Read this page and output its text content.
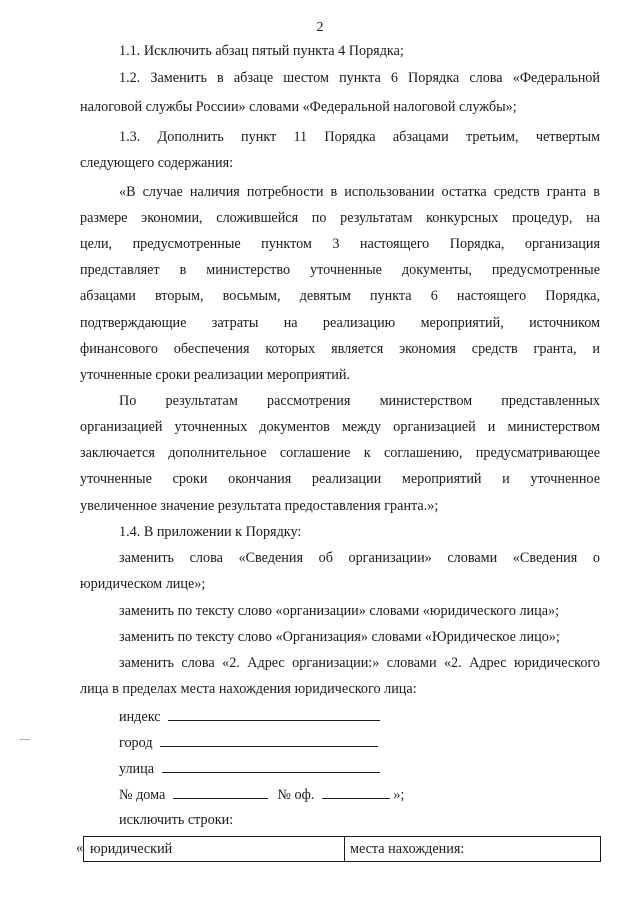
2
1.1. Исключить абзац пятый пункта 4 Порядка;
1.2. Заменить в абзаце шестом пункта 6 Порядка слова «Федеральной
налоговой службы России» словами «Федеральной налоговой службы»;
1.3. Дополнить пункт 11 Порядка абзацами третьим, четвертым
следующего содержания:
«В случае наличия потребности в использовании остатка средств гранта в
размере экономии, сложившейся по результатам конкурсных процедур, на
цели, предусмотренные пунктом 3 настоящего Порядка, организация
представляет в министерство уточненные документы, предусмотренные
абзацами вторым, восьмым, девятым пункта 6 настоящего Порядка,
подтверждающие затраты на реализацию мероприятий, источником
финансового обеспечения которых является экономия средств гранта, и
уточненные сроки реализации мероприятий.
По результатам рассмотрения министерством представленных
организацией уточненных документов между организацией и министерством
заключается дополнительное соглашение к соглашению, предусматривающее
уточненные сроки окончания реализации мероприятий и уточненное
увеличенное значение результата предоставления гранта.»;
1.4. В приложении к Порядку:
заменить слова «Сведения об организации» словами «Сведения о
юридическом лице»;
заменить по тексту слово «организации» словами «юридического лица»;
заменить по тексту слово «Организация» словами «Юридическое лицо»;
заменить слова «2. Адрес организации:» словами «2. Адрес юридического
лица в пределах места нахождения юридического лица:
индекс
город
улица
№ дома	№ оф.	»;
исключить строки:
« юридический	места нахождения:
